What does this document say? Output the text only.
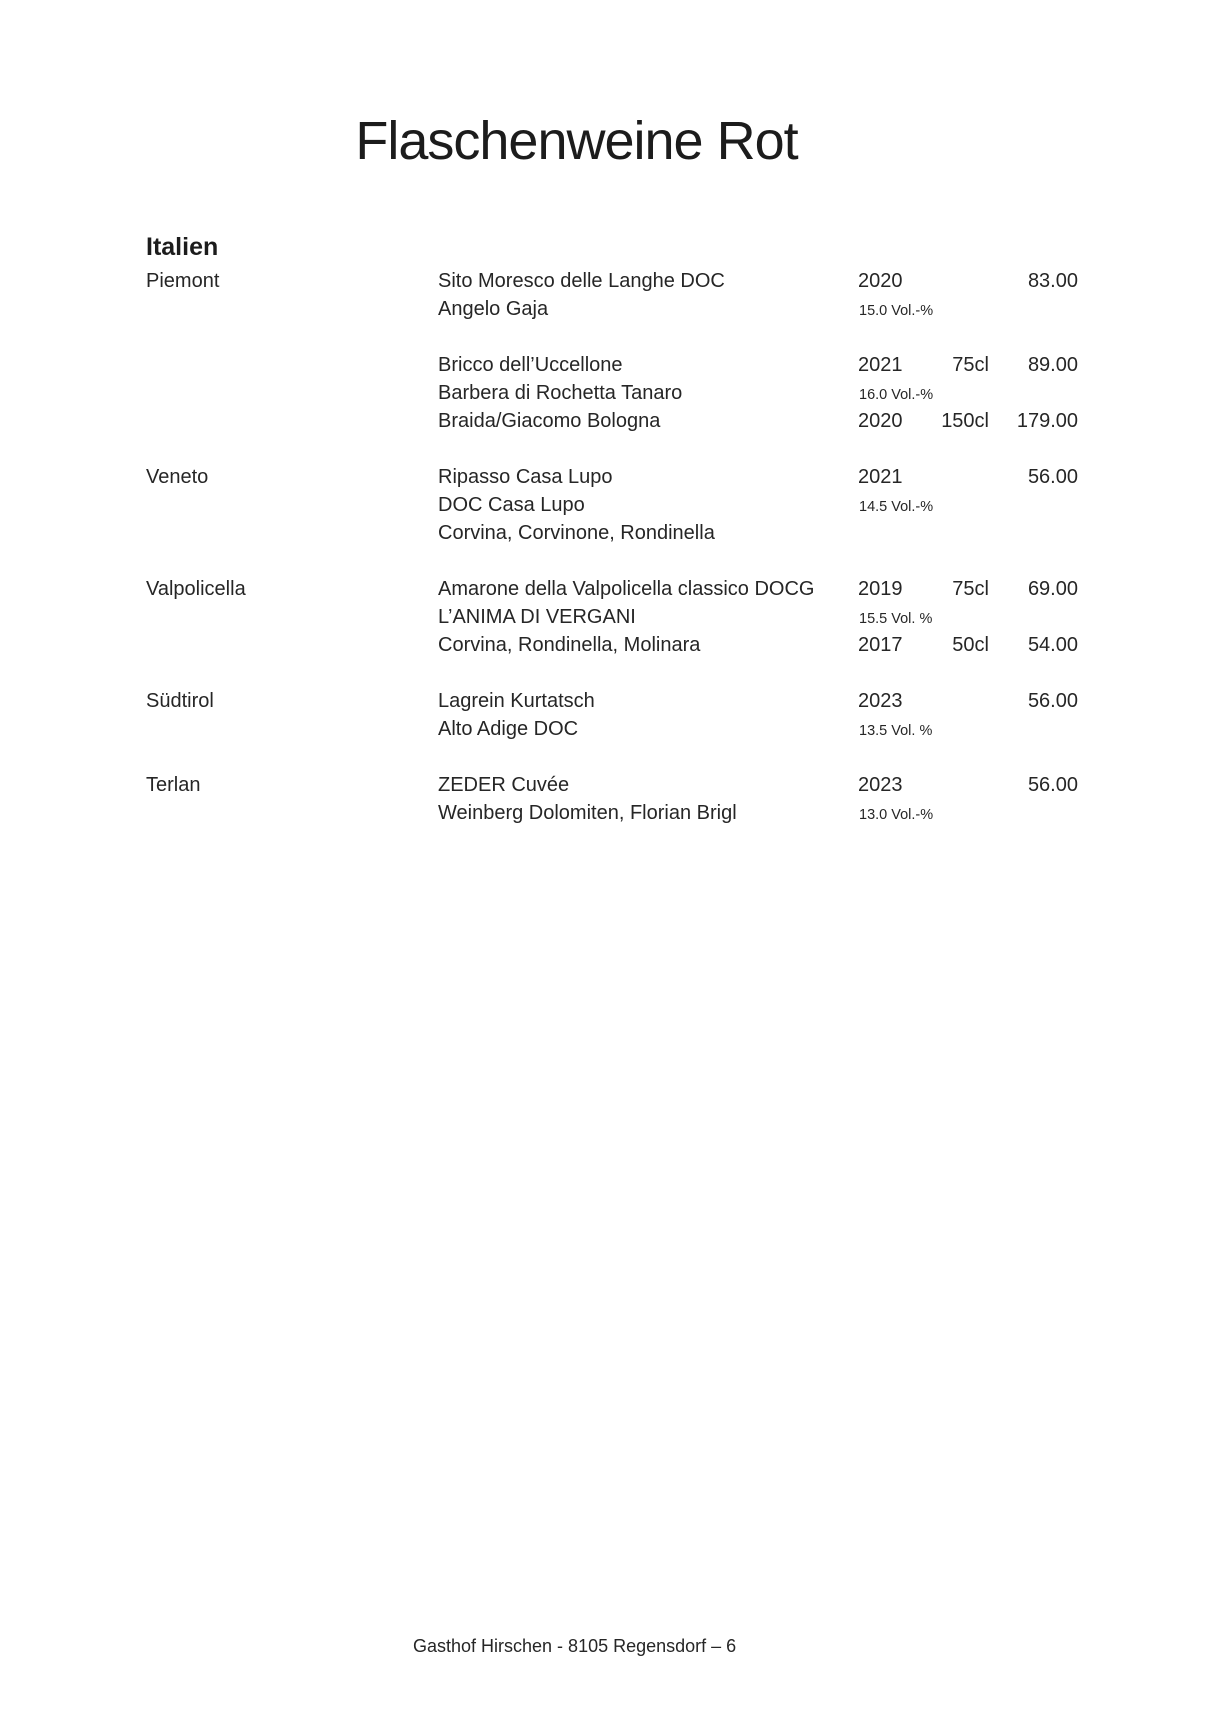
Flaschenweine Rot
Italien
Piemont	Sito Moresco delle Langhe DOC	2020	83.00
Angelo Gaja	15.0 Vol.-%
Bricco dell’Uccellone	2021	75cl	89.00
Barbera di Rochetta Tanaro	16.0 Vol.-%
Braida/Giacomo Bologna	2020	150cl	179.00
Veneto	Ripasso Casa Lupo	2021	56.00
DOC Casa Lupo	14.5 Vol.-%
Corvina, Corvinone, Rondinella
Valpolicella	Amarone della Valpolicella classico DOCG	2019	75cl	69.00
L’ANIMA DI VERGANI	15.5 Vol. %
Corvina, Rondinella, Molinara	2017	50cl	54.00
Südtirol	Lagrein Kurtatsch	2023	56.00
Alto Adige DOC	13.5 Vol. %
Terlan	ZEDER Cuvée	2023	56.00
Weinberg Dolomiten, Florian Brigl	13.0 Vol.-%
Gasthof Hirschen - 8105 Regensdorf – 6
